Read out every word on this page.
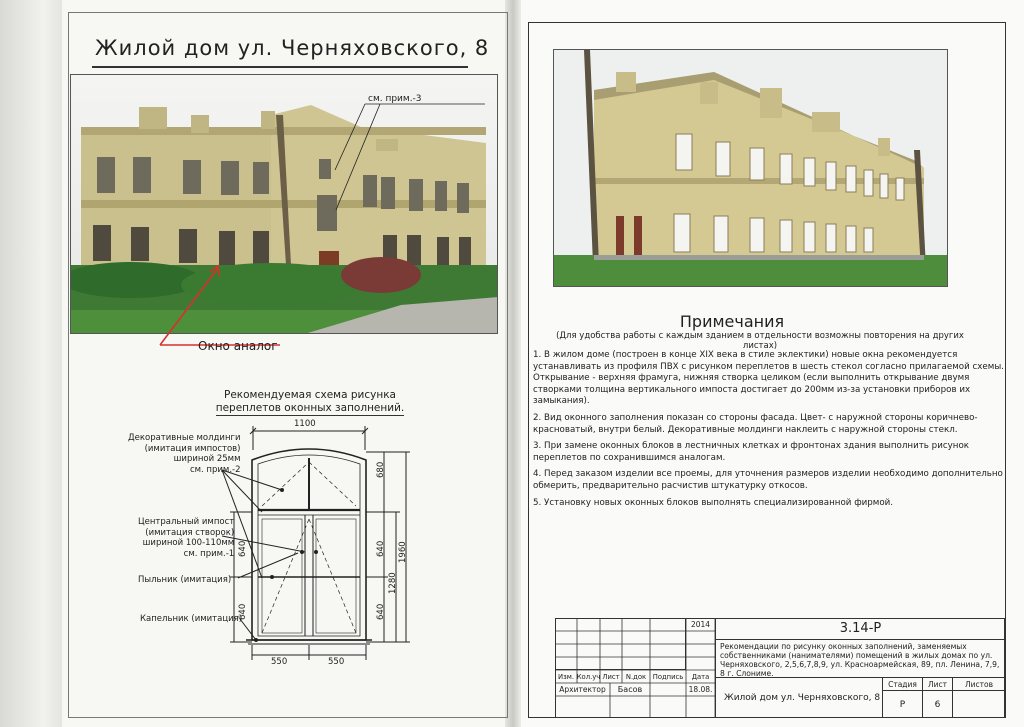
Жилой дом ул. Черняховского, 8
см. прим.-3
Окно аналог
Рекомендуемая схема рисунка
переплетов оконных заполнений.
1100
550	550
680
640
640
1280
1960
640
640
Декоративные молдинги
(имитация импостов)
шириной 25мм
см. прим.-2
Центральный импост
(имитация створок)
шириной 100-110мм
см. прим.-1
Пыльник (имитация)
Капельник (имитация)
Примечания
(Для удобства работы с каждым зданием в отдельности возможны повторения на других листах)

1. В жилом доме (построен в конце XIX века в стиле эклектики) новые окна рекомендуется устанавливать из профиля ПВХ с рисунком переплетов в шесть стекол согласно прилагаемой схемы. Открывание - верхняя фрамуга, нижняя створка целиком (если выполнить открывание двумя створками толщина вертикального импоста достигает до 200мм из-за установки приборов их замыкания).

2. Вид оконного заполнения показан со стороны фасада. Цвет- с наружной стороны коричнево-красноватый, внутри белый. Декоративные молдинги наклеить с наружной стороны стекл.

3. При замене оконных блоков в лестничных клетках и фронтонах здания выполнить рисунок переплетов по сохранившимся аналогам.

4. Перед заказом изделии все проемы, для уточнения размеров изделии необходимо дополнительно обмерить, предварительно расчистив штукатурку откосов.

5. Установку новых оконных блоков выполнять специализированной фирмой.

3.14-Р
Рекомендации по рисунку оконных заполнений, заменяемых собственниками (нанимателями) помещений в жилых домах по ул. Черняховского, 2,5,6,7,8,9, ул. Красноармейская, 89, пл. Ленина, 7,9, 8 г. Слониме.
Жилой дом ул. Черняховского, 8
Стадия	Лист	Листов
Р	6
2014
Изм. Кол.уч Лист N.док Подпись	Дата
Архитектор	Басов	18.08.
